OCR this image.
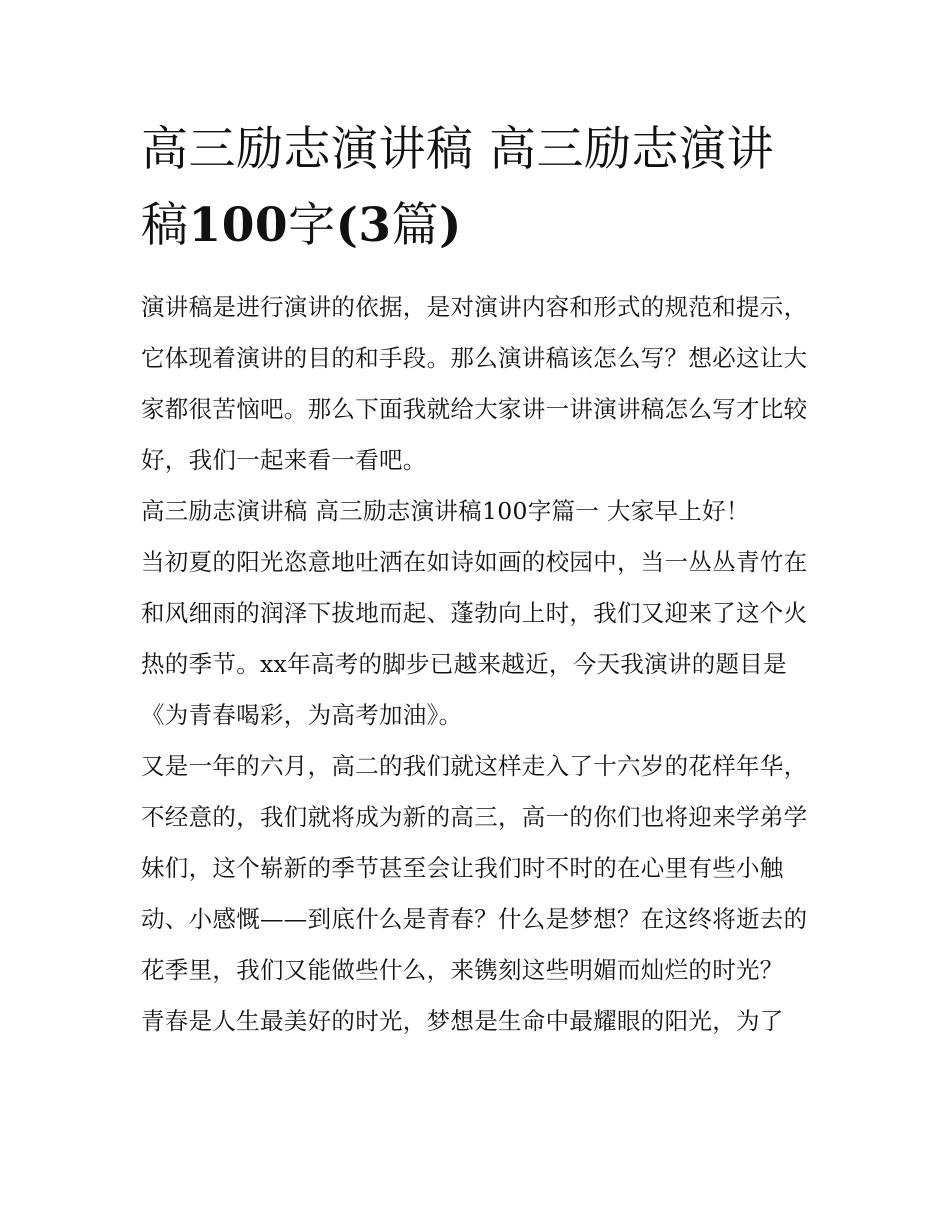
高三励志演讲稿 高三励志演讲稿100字(3篇)

演讲稿是进行演讲的依据，是对演讲内容和形式的规范和提示，它体现着演讲的目的和手段。那么演讲稿该怎么写？想必这让大家都很苦恼吧。那么下面我就给大家讲一讲演讲稿怎么写才比较好，我们一起来看一看吧。

高三励志演讲稿 高三励志演讲稿100字篇一 大家早上好！

当初夏的阳光恣意地吐洒在如诗如画的校园中，当一丛丛青竹在和风细雨的润泽下拔地而起、蓬勃向上时，我们又迎来了这个火热的季节。xx年高考的脚步已越来越近，今天我演讲的题目是《为青春喝彩，为高考加油》。

又是一年的六月，高二的我们就这样走入了十六岁的花样年华，不经意的，我们就将成为新的高三，高一的你们也将迎来学弟学妹们，这个崭新的季节甚至会让我们时不时的在心里有些小触动、小感慨——到底什么是青春？什么是梦想？在这终将逝去的花季里，我们又能做些什么，来镌刻这些明媚而灿烂的时光？

青春是人生最美好的时光，梦想是生命中最耀眼的阳光，为了
